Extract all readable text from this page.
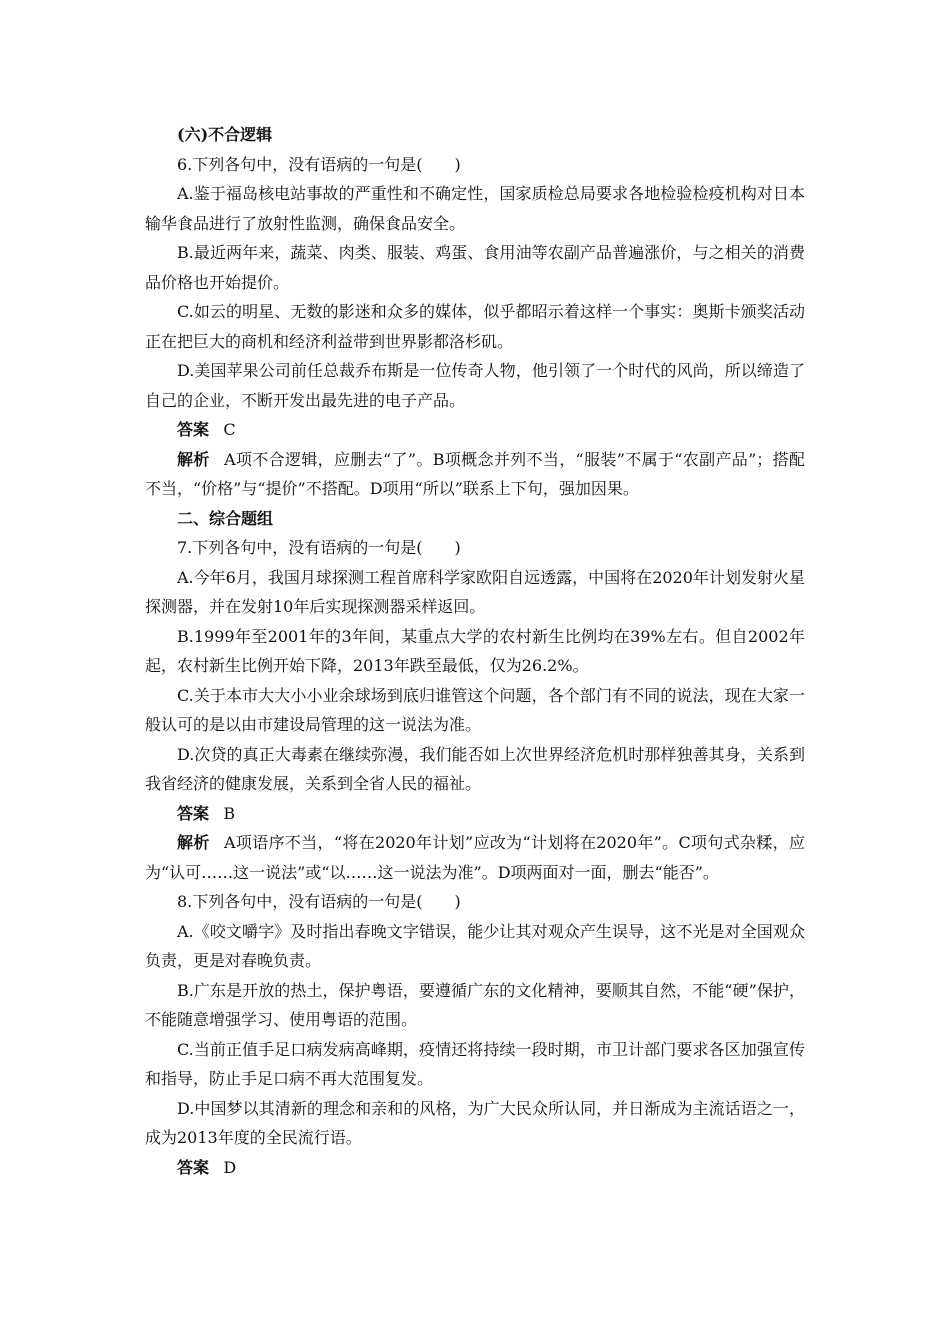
(六)不合逻辑

6.下列各句中，没有语病的一句是(　　)

A.鉴于福岛核电站事故的严重性和不确定性，国家质检总局要求各地检验检疫机构对日本输华食品进行了放射性监测，确保食品安全。

B.最近两年来，蔬菜、肉类、服装、鸡蛋、食用油等农副产品普遍涨价，与之相关的消费品价格也开始提价。

C.如云的明星、无数的影迷和众多的媒体，似乎都昭示着这样一个事实：奥斯卡颁奖活动正在把巨大的商机和经济利益带到世界影都洛杉矶。

D.美国苹果公司前任总裁乔布斯是一位传奇人物，他引领了一个时代的风尚，所以缔造了自己的企业，不断开发出最先进的电子产品。

答案 C

解析 A项不合逻辑，应删去“了”。B项概念并列不当，“服装”不属于“农副产品”；搭配不当，“价格”与“提价”不搭配。D项用“所以”联系上下句，强加因果。

二、综合题组

7.下列各句中，没有语病的一句是(　　)

A.今年6月，我国月球探测工程首席科学家欧阳自远透露，中国将在2020年计划发射火星探测器，并在发射10年后实现探测器采样返回。

B.1999年至2001年的3年间，某重点大学的农村新生比例均在39%左右。但自2002年起，农村新生比例开始下降，2013年跌至最低，仅为26.2%。

C.关于本市大大小小业余球场到底归谁管这个问题，各个部门有不同的说法，现在大家一般认可的是以由市建设局管理的这一说法为准。

D.次贷的真正大毒素在继续弥漫，我们能否如上次世界经济危机时那样独善其身，关系到我省经济的健康发展，关系到全省人民的福祉。

答案 B

解析 A项语序不当，“将在2020年计划”应改为“计划将在2020年”。C项句式杂糅，应为“认可……这一说法”或“以……这一说法为准”。D项两面对一面，删去“能否”。

8.下列各句中，没有语病的一句是(　　)

A.《咬文嚼字》及时指出春晚文字错误，能少让其对观众产生误导，这不光是对全国观众负责，更是对春晚负责。

B.广东是开放的热土，保护粤语，要遵循广东的文化精神，要顺其自然，不能“硬”保护，不能随意增强学习、使用粤语的范围。

C.当前正值手足口病发病高峰期，疫情还将持续一段时期，市卫计部门要求各区加强宣传和指导，防止手足口病不再大范围复发。

D.中国梦以其清新的理念和亲和的风格，为广大民众所认同，并日渐成为主流话语之一，成为2013年度的全民流行语。

答案 D
